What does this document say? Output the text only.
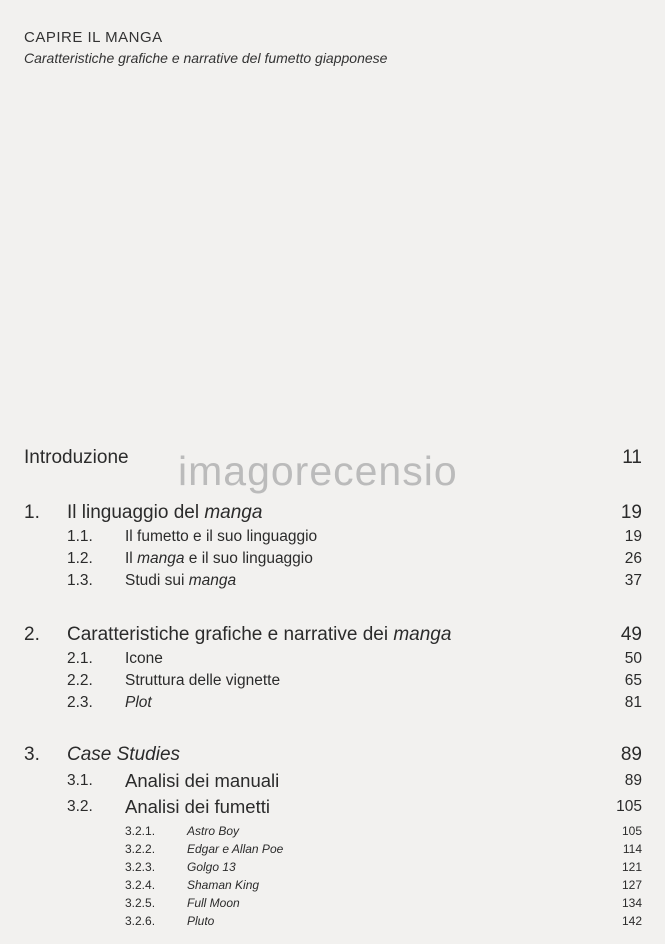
CAPIRE IL MANGA
Caratteristiche grafiche e narrative del fumetto giapponese
imagorecensio
Introduzione	11
1. Il linguaggio del manga	19
1.1. Il fumetto e il suo linguaggio	19
1.2. Il manga e il suo linguaggio	26
1.3. Studi sui manga	37
2. Caratteristiche grafiche e narrative dei manga	49
2.1. Icone	50
2.2. Struttura delle vignette	65
2.3. Plot	81
3. Case Studies	89
3.1. Analisi dei manuali	89
3.2. Analisi dei fumetti	105
3.2.1.	Astro Boy	105
3.2.2.	Edgar e Allan Poe	114
3.2.3.	Golgo 13	121
3.2.4.	Shaman King	127
3.2.5.	Full Moon	134
3.2.6.	Pluto	142
